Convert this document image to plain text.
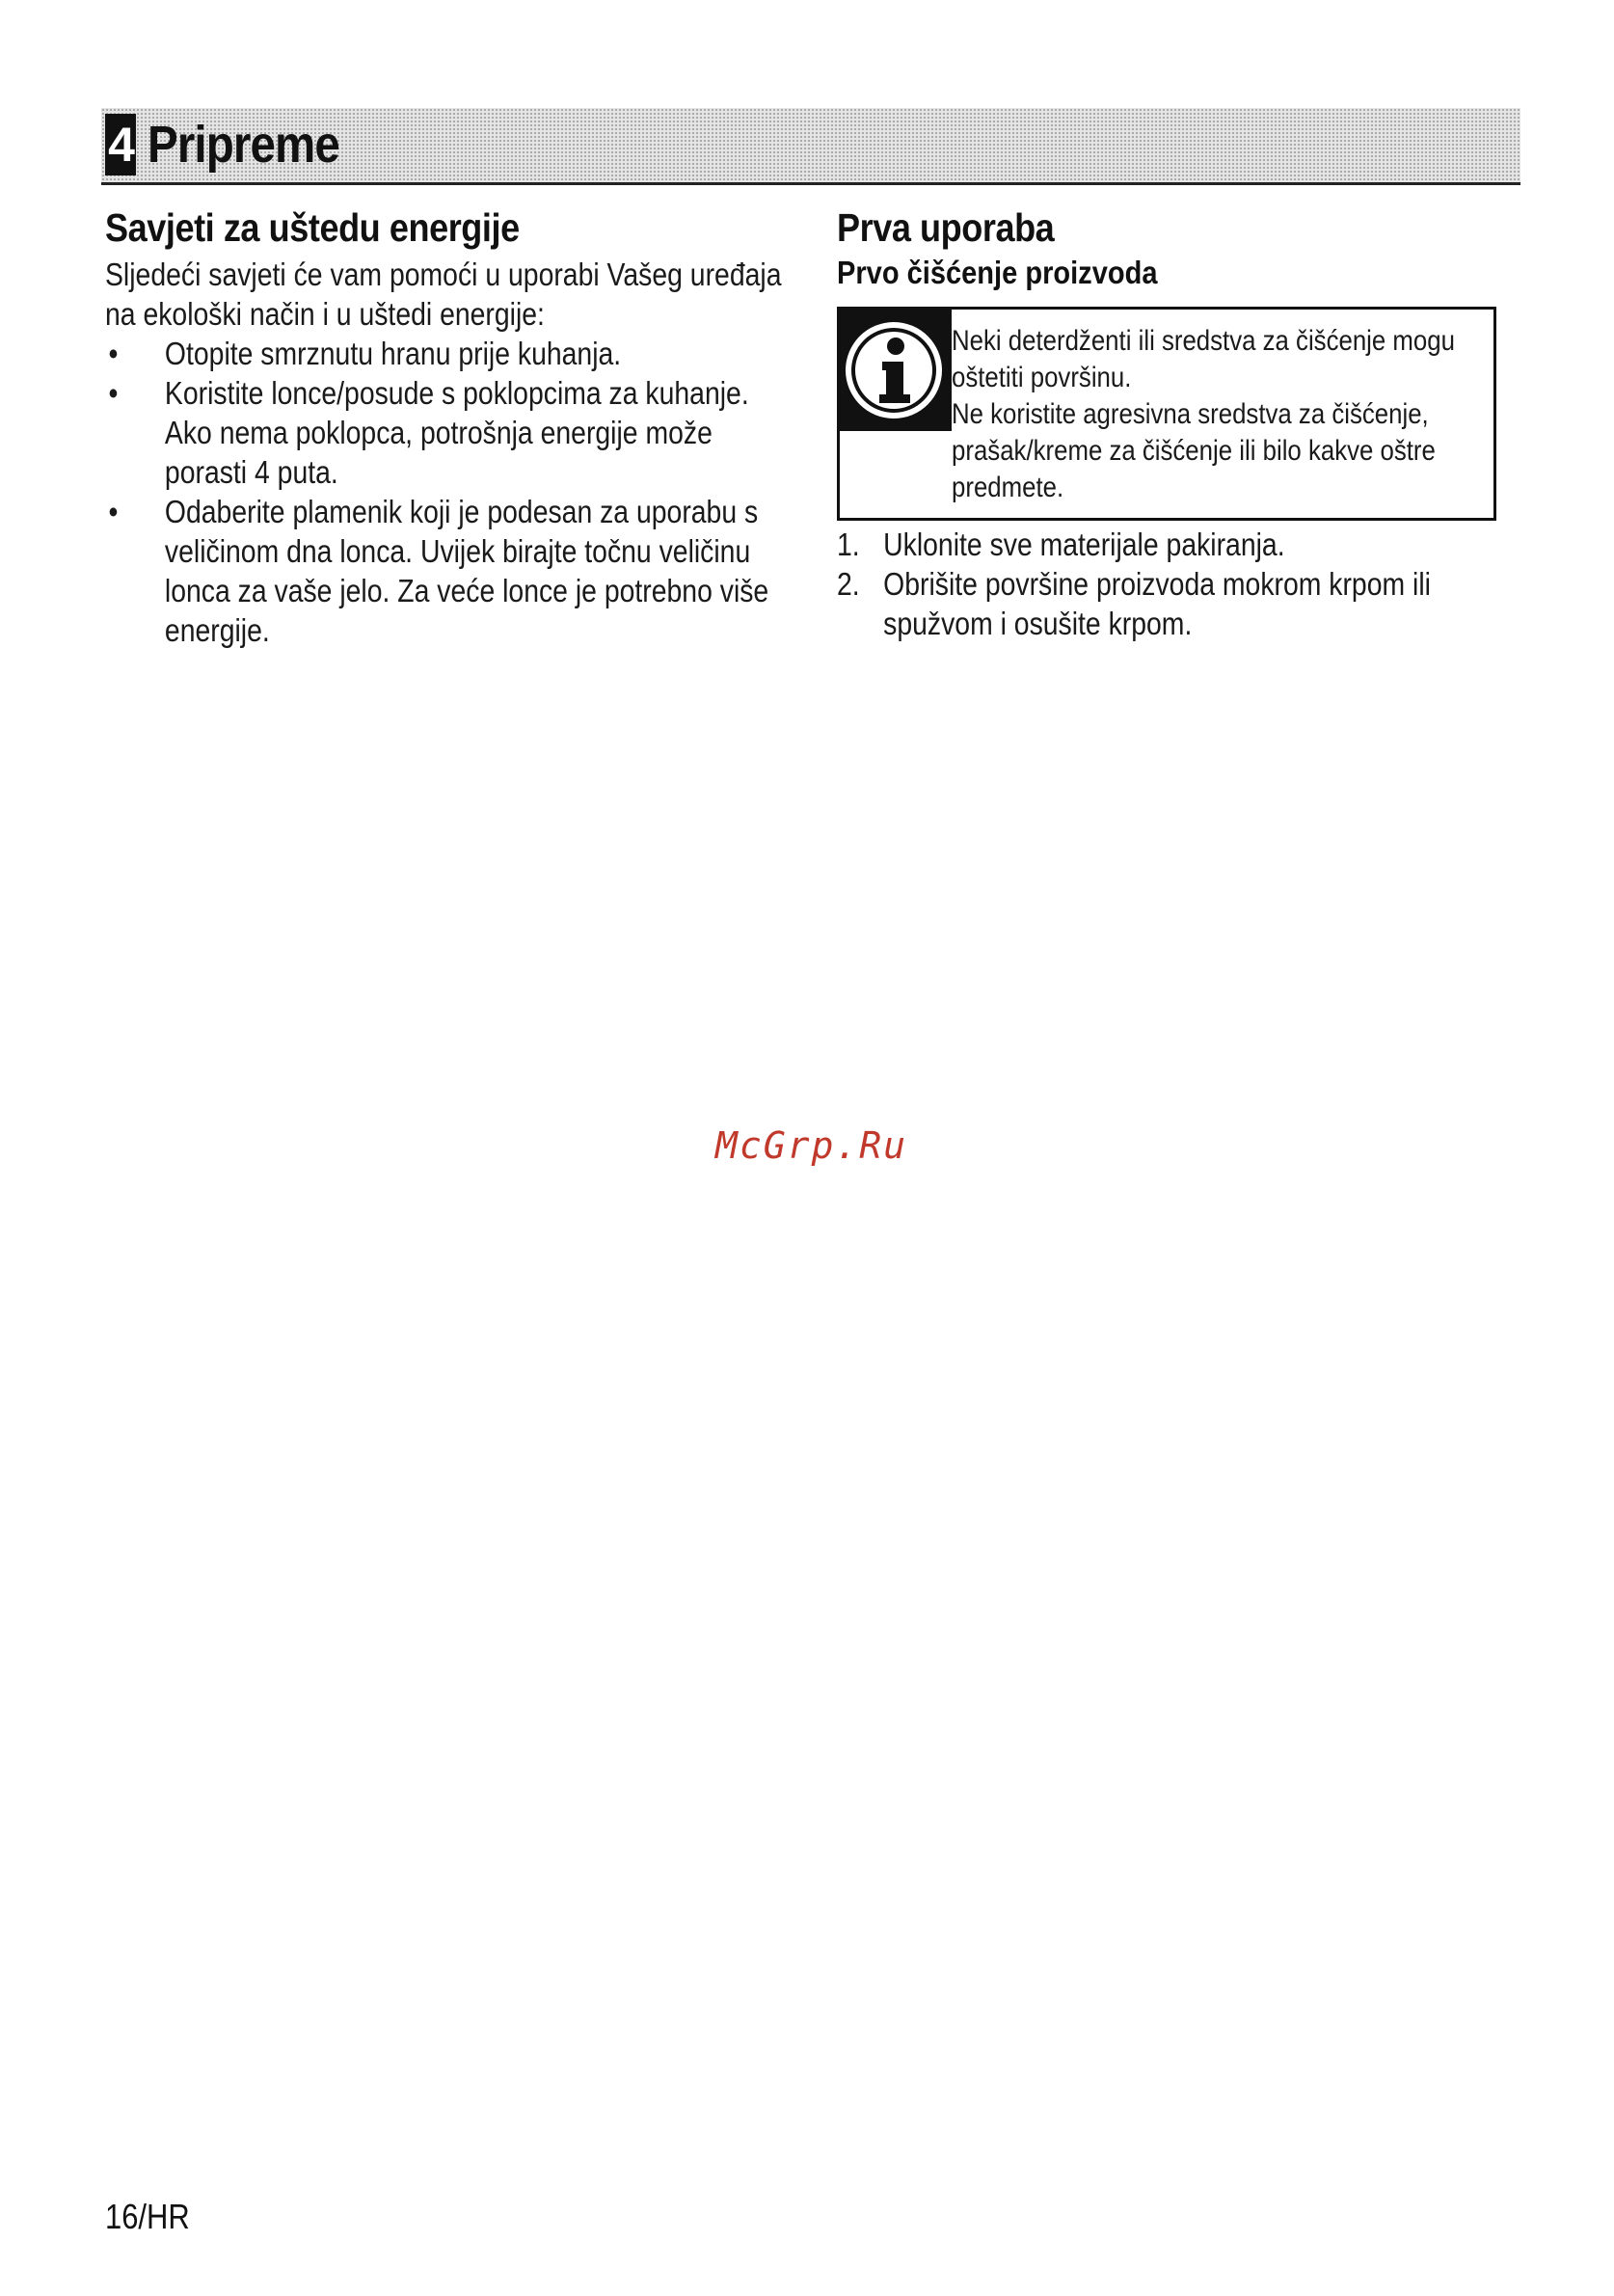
4 Pripreme
Savjeti za uštedu energije

Sljedeći savjeti će vam pomoći u uporabi Vašeg uređaja na ekološki način i u uštedi energije:

• Otopite smrznutu hranu prije kuhanja.
• Koristite lonce/posude s poklopcima za kuhanje. Ako nema poklopca, potrošnja energije može porasti 4 puta.
• Odaberite plamenik koji je podesan za uporabu s veličinom dna lonca. Uvijek birajte točnu veličinu lonca za vaše jelo. Za veće lonce je potrebno više energije.
Prva uporaba
Prvo čišćenje proizvoda

Neki deterdženti ili sredstva za čišćenje mogu oštetiti površinu.

Ne koristite agresivna sredstva za čišćenje, prašak/kreme za čišćenje ili bilo kakve oštre predmete.

1. Uklonite sve materijale pakiranja.
2. Obrišite površine proizvoda mokrom krpom ili spužvom i osušite krpom.
McGrp.Ru
16/HR
